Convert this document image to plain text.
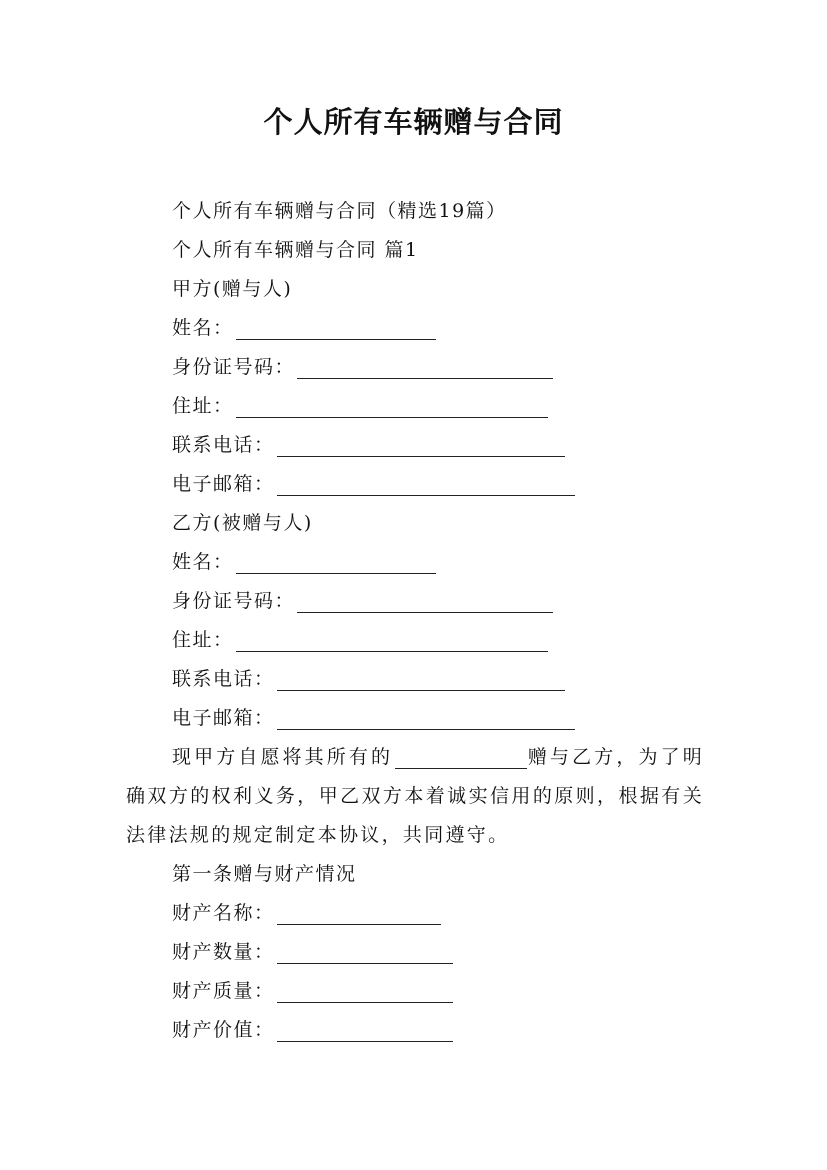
个人所有车辆赠与合同
个人所有车辆赠与合同（精选19篇）
个人所有车辆赠与合同 篇1
甲方(赠与人)
姓名：
身份证号码：
住址：
联系电话：
电子邮箱：
乙方(被赠与人)
姓名：
身份证号码：
住址：
联系电话：
电子邮箱：

现甲方自愿将其所有的	赠与乙方，为了明确双方的权利义务，甲乙双方本着诚实信用的原则，根据有关法律法规的规定制定本协议，共同遵守。

第一条赠与财产情况
财产名称：
财产数量：
财产质量：
财产价值：
